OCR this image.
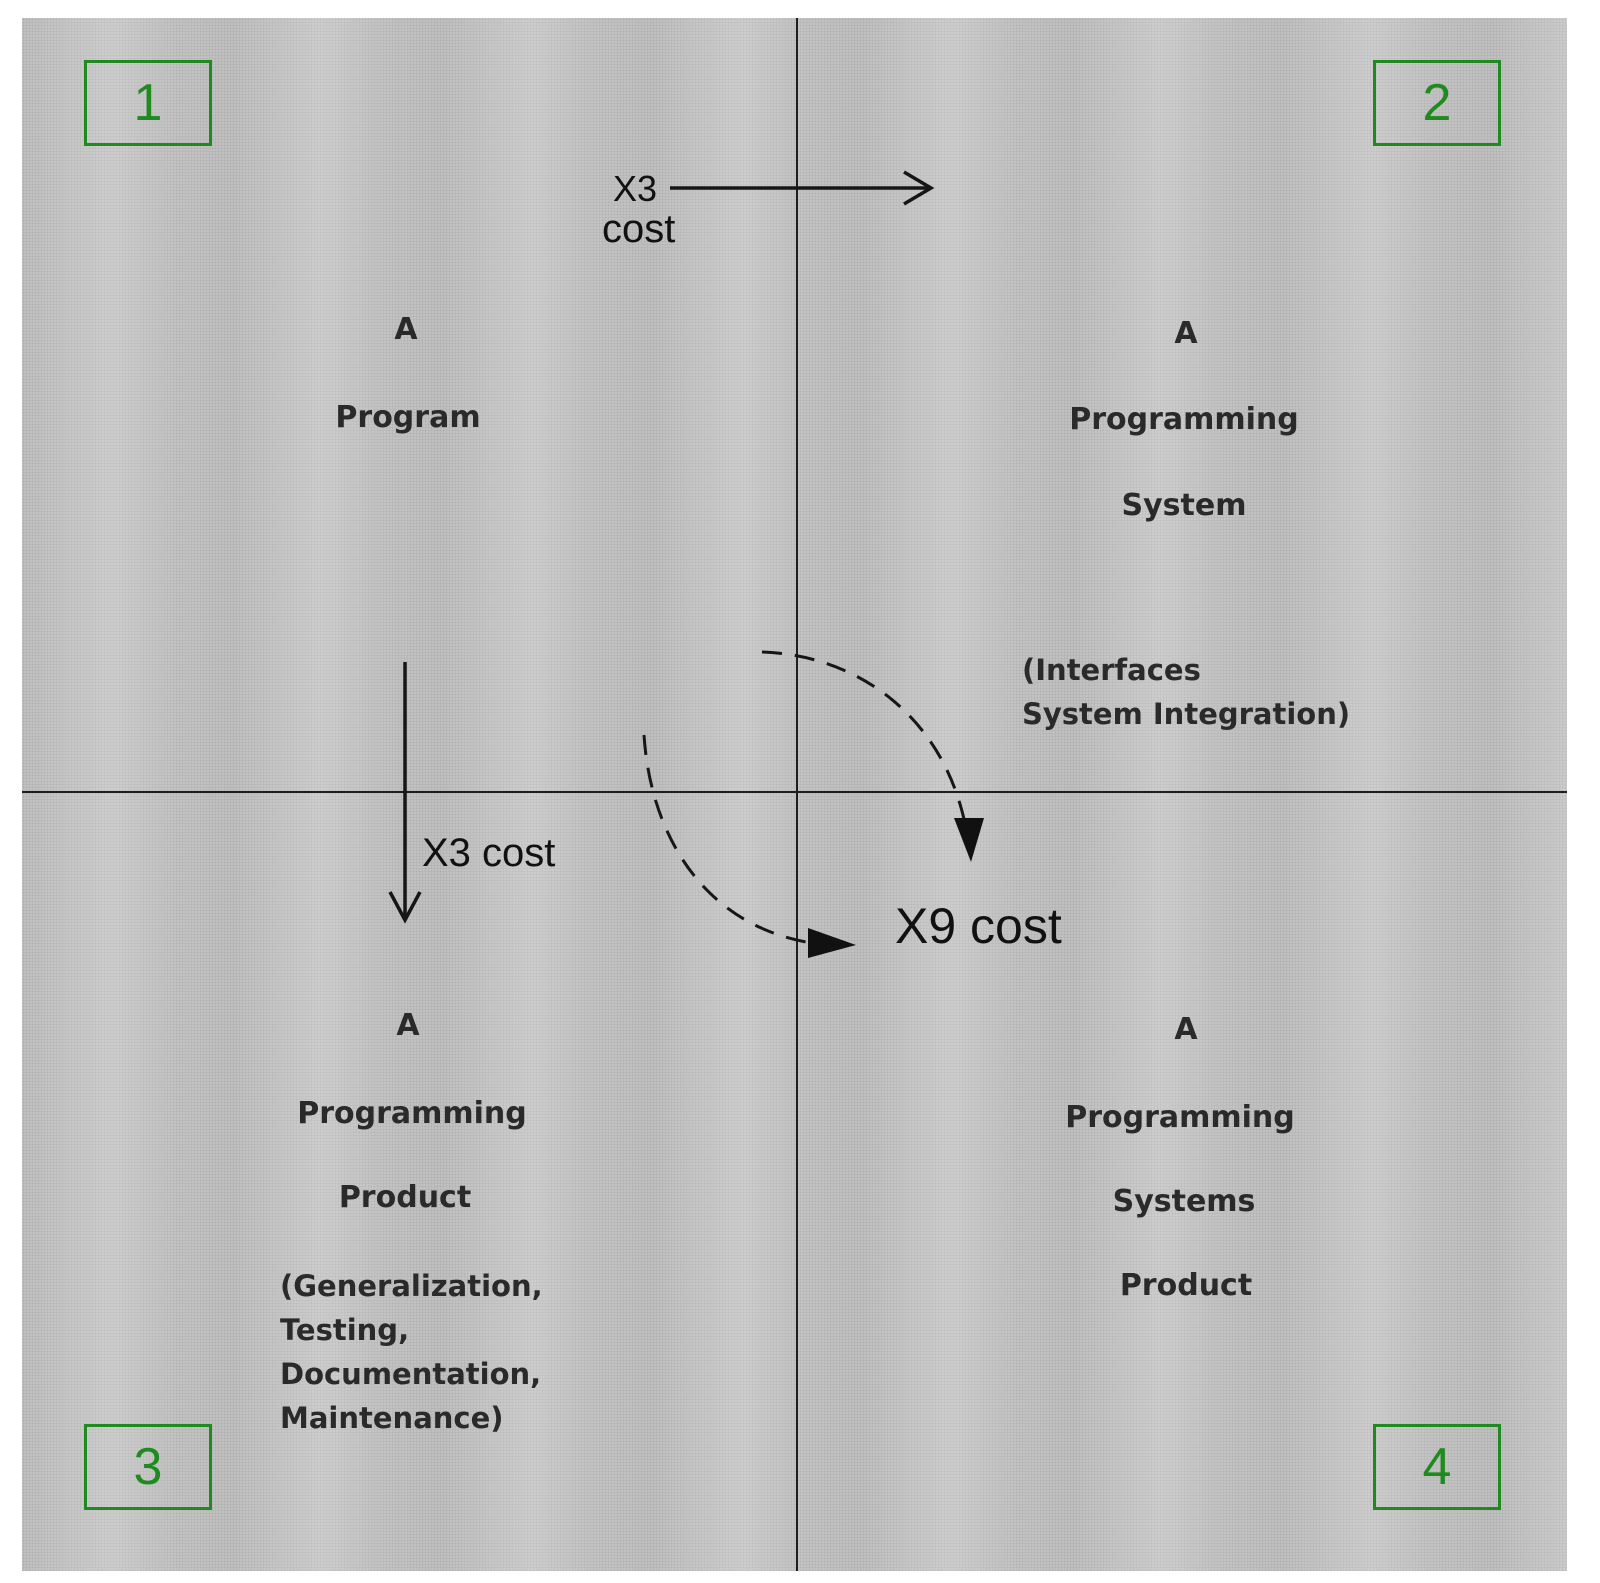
1	2
3	4
A
Program
A
Programming
System
(Interfaces
System Integration)
A
Programming
Product
(Generalization,
Testing,
Documentation,
Maintenance)
A
Programming
Systems
Product
X3
cost
X3 cost
X9 cost
